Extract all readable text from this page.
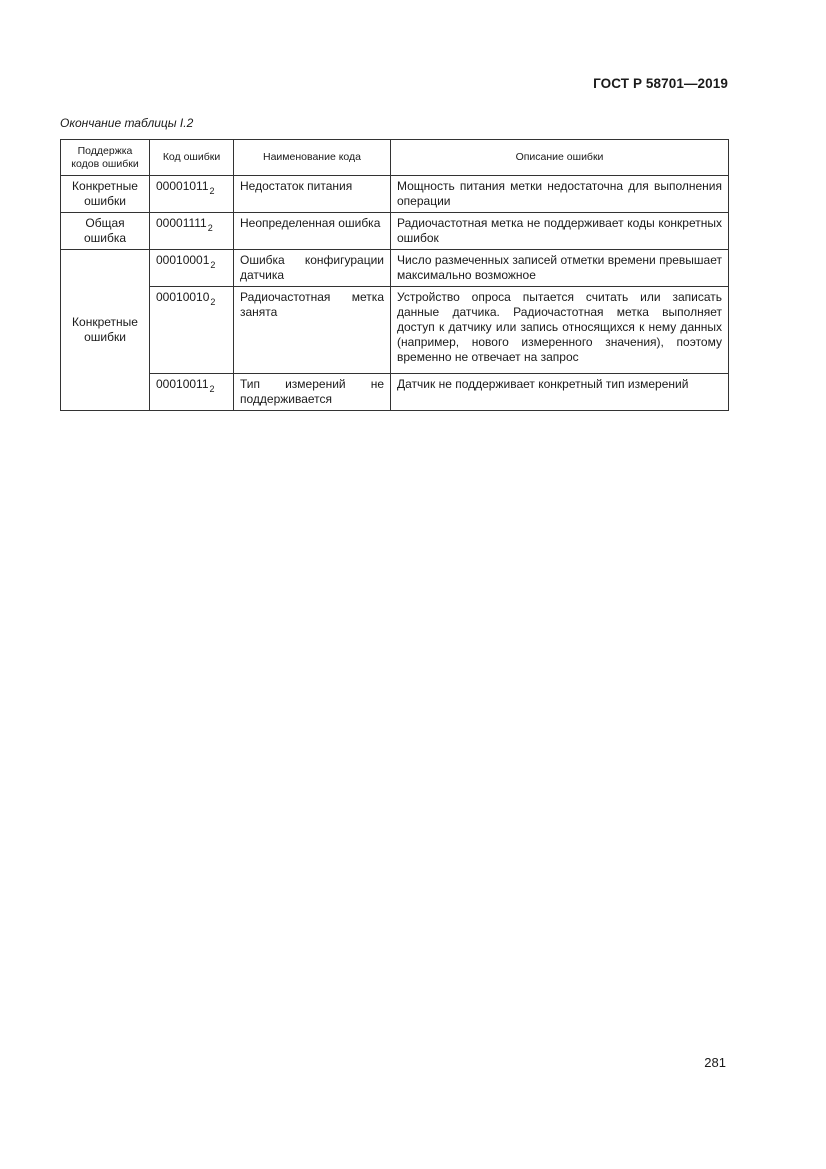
ГОСТ Р 58701—2019
Окончание таблицы I.2
Поддержка кодов ошибки	Код ошибки	Наименование кода	Описание ошибки
Конкретные ошибки	$00001011_2$	Недостаток питания	Мощность питания метки недостаточна для выполнения операции
Общая ошибка	$00001111_2$	Неопределенная ошибка	Радиочастотная метка не поддерживает коды конкретных ошибок
Конкретные ошибки	$00010001_2$	Ошибка конфигурации датчика	Число размеченных записей отметки времени превышает максимально возможное
	$00010010_2$	Радиочастотная метка занята	Устройство опроса пытается считать или записать данные датчика. Радиочастотная метка выполняет доступ к датчику или запись относящихся к нему данных (например, нового измеренного значения), поэтому временно не отвечает на запрос
	$00010011_2$	Тип измерений не поддерживается	Датчик не поддерживает конкретный тип измерений
281
